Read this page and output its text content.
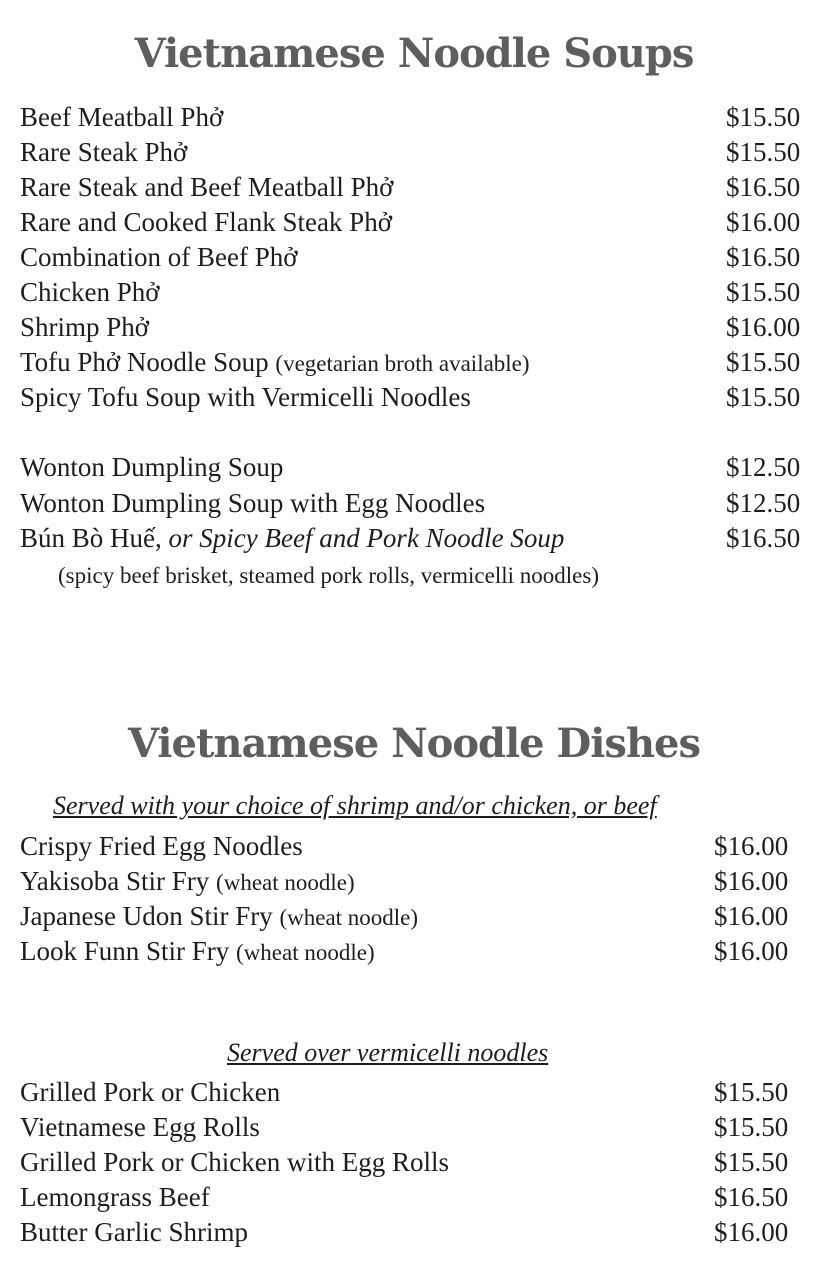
Vietnamese Noodle Soups
Beef Meatball Phở	$15.50
Rare Steak Phở	$15.50
Rare Steak and Beef Meatball Phở	$16.50
Rare and Cooked Flank Steak Phở	$16.00
Combination of Beef Phở	$16.50
Chicken Phở	$15.50
Shrimp Phở	$16.00
Tofu Phở Noodle Soup (vegetarian broth available)	$15.50
Spicy Tofu Soup with Vermicelli Noodles	$15.50
Wonton Dumpling Soup	$12.50
Wonton Dumpling Soup with Egg Noodles	$12.50
Bún Bò Huế, or Spicy Beef and Pork Noodle Soup	$16.50
(spicy beef brisket, steamed pork rolls, vermicelli noodles)
Vietnamese Noodle Dishes
Served with your choice of shrimp and/or chicken, or beef
Crispy Fried Egg Noodles	$16.00
Yakisoba Stir Fry (wheat noodle)	$16.00
Japanese Udon Stir Fry (wheat noodle)	$16.00
Look Funn Stir Fry (wheat noodle)	$16.00
Served over vermicelli noodles
Grilled Pork or Chicken	$15.50
Vietnamese Egg Rolls	$15.50
Grilled Pork or Chicken with Egg Rolls	$15.50
Lemongrass Beef	$16.50
Butter Garlic Shrimp	$16.00
